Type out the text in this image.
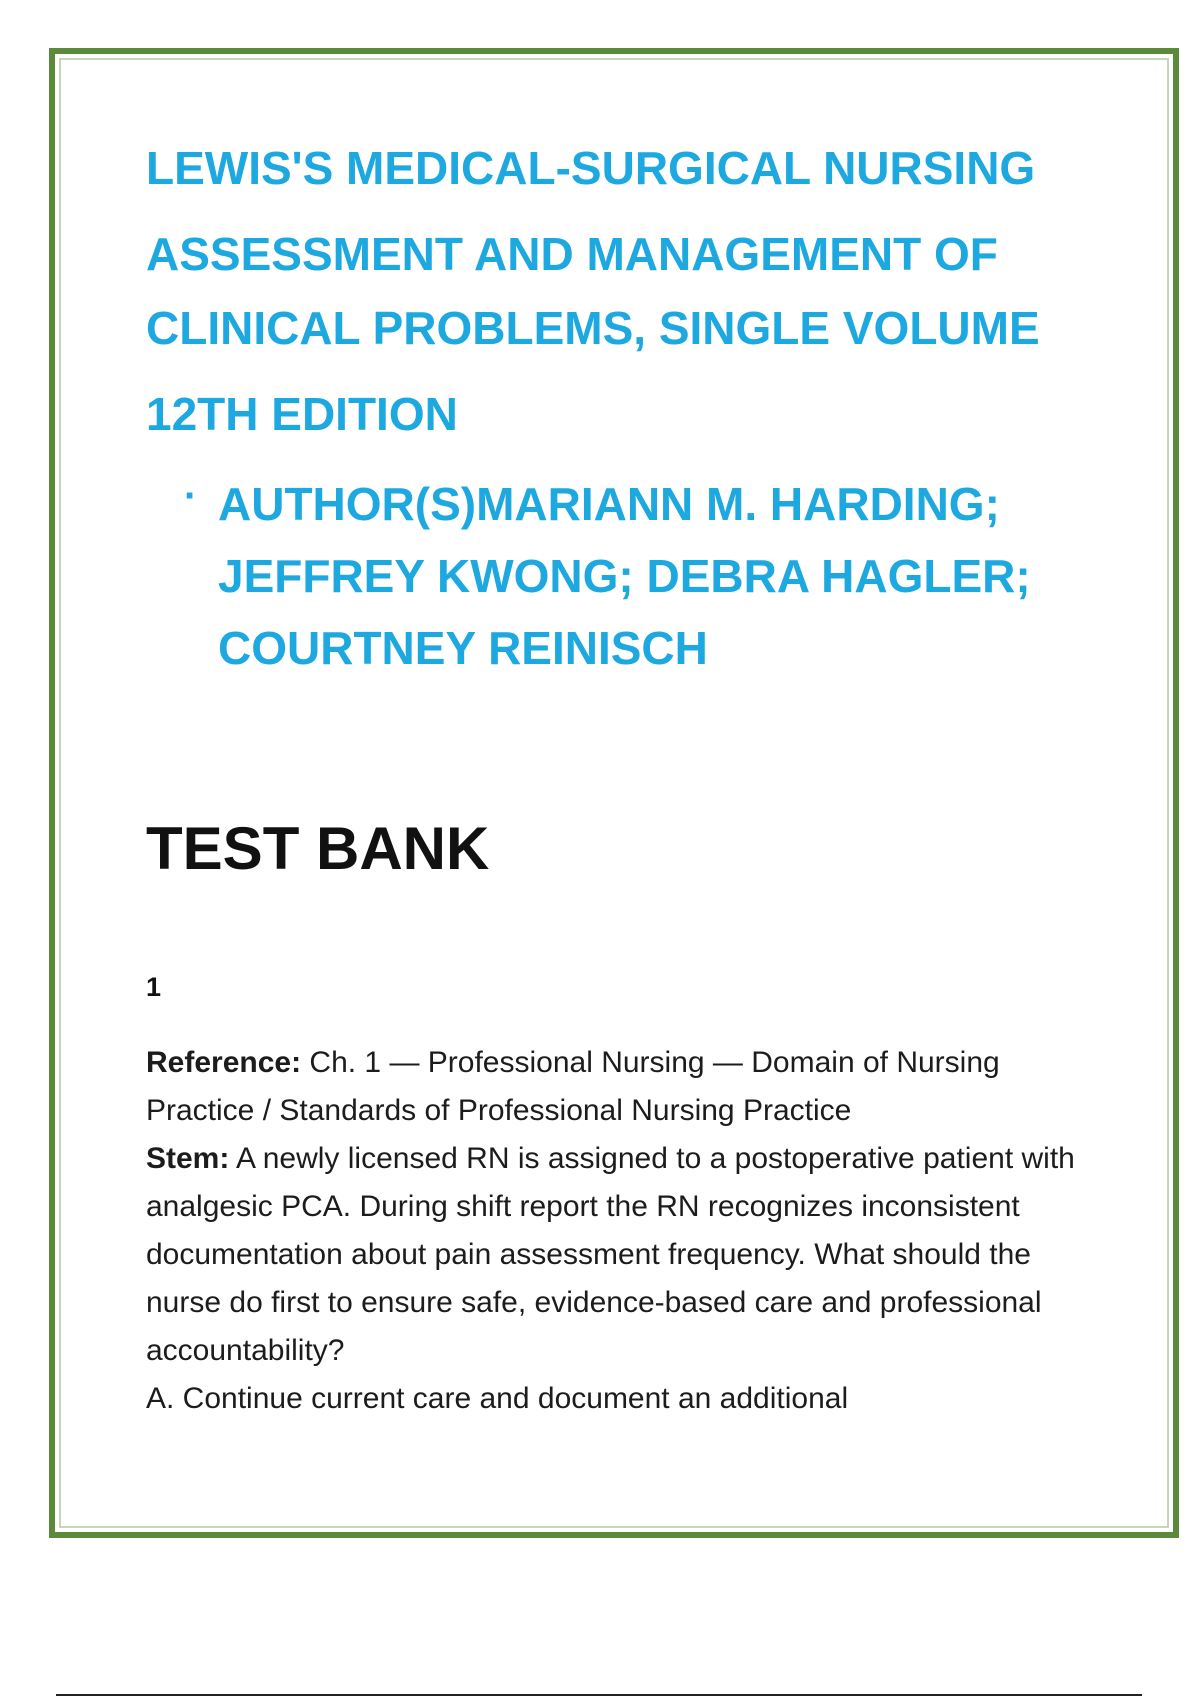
LEWIS'S MEDICAL-SURGICAL NURSING
ASSESSMENT AND MANAGEMENT OF
CLINICAL PROBLEMS, SINGLE VOLUME
12TH EDITION
· AUTHOR(S)MARIANN M. HARDING;
JEFFREY KWONG; DEBRA HAGLER;
COURTNEY REINISCH
TEST BANK
1

Reference: Ch. 1 — Professional Nursing — Domain of Nursing Practice / Standards of Professional Nursing Practice

Stem: A newly licensed RN is assigned to a postoperative patient with analgesic PCA. During shift report the RN recognizes inconsistent documentation about pain assessment frequency. What should the nurse do first to ensure safe, evidence-based care and professional accountability?

A. Continue current care and document an additional
